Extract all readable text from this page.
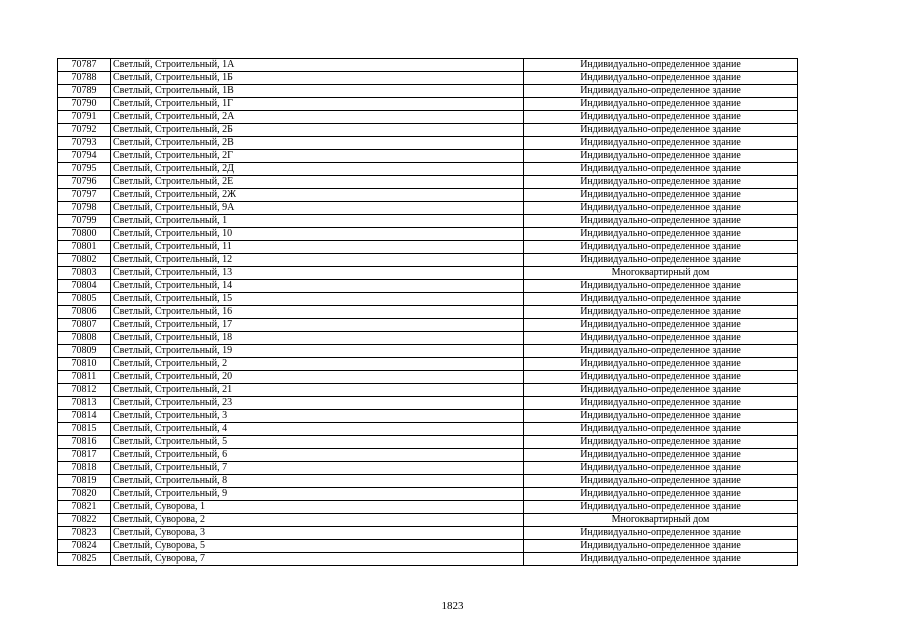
70787	Светлый, Строительный, 1А	Индивидуально-определенное здание
70788	Светлый, Строительный, 1Б	Индивидуально-определенное здание
70789	Светлый, Строительный, 1В	Индивидуально-определенное здание
70790	Светлый, Строительный, 1Г	Индивидуально-определенное здание
70791	Светлый, Строительный, 2А	Индивидуально-определенное здание
70792	Светлый, Строительный, 2Б	Индивидуально-определенное здание
70793	Светлый, Строительный, 2В	Индивидуально-определенное здание
70794	Светлый, Строительный, 2Г	Индивидуально-определенное здание
70795	Светлый, Строительный, 2Д	Индивидуально-определенное здание
70796	Светлый, Строительный, 2Е	Индивидуально-определенное здание
70797	Светлый, Строительный, 2Ж	Индивидуально-определенное здание
70798	Светлый, Строительный, 9А	Индивидуально-определенное здание
70799	Светлый, Строительный, 1	Индивидуально-определенное здание
70800	Светлый, Строительный, 10	Индивидуально-определенное здание
70801	Светлый, Строительный, 11	Индивидуально-определенное здание
70802	Светлый, Строительный, 12	Индивидуально-определенное здание
70803	Светлый, Строительный, 13	Многоквартирный дом
70804	Светлый, Строительный, 14	Индивидуально-определенное здание
70805	Светлый, Строительный, 15	Индивидуально-определенное здание
70806	Светлый, Строительный, 16	Индивидуально-определенное здание
70807	Светлый, Строительный, 17	Индивидуально-определенное здание
70808	Светлый, Строительный, 18	Индивидуально-определенное здание
70809	Светлый, Строительный, 19	Индивидуально-определенное здание
70810	Светлый, Строительный, 2	Индивидуально-определенное здание
70811	Светлый, Строительный, 20	Индивидуально-определенное здание
70812	Светлый, Строительный, 21	Индивидуально-определенное здание
70813	Светлый, Строительный, 23	Индивидуально-определенное здание
70814	Светлый, Строительный, 3	Индивидуально-определенное здание
70815	Светлый, Строительный, 4	Индивидуально-определенное здание
70816	Светлый, Строительный, 5	Индивидуально-определенное здание
70817	Светлый, Строительный, 6	Индивидуально-определенное здание
70818	Светлый, Строительный, 7	Индивидуально-определенное здание
70819	Светлый, Строительный, 8	Индивидуально-определенное здание
70820	Светлый, Строительный, 9	Индивидуально-определенное здание
70821	Светлый, Суворова, 1	Индивидуально-определенное здание
70822	Светлый, Суворова, 2	Многоквартирный дом
70823	Светлый, Суворова, 3	Индивидуально-определенное здание
70824	Светлый, Суворова, 5	Индивидуально-определенное здание
70825	Светлый, Суворова, 7	Индивидуально-определенное здание
1823
